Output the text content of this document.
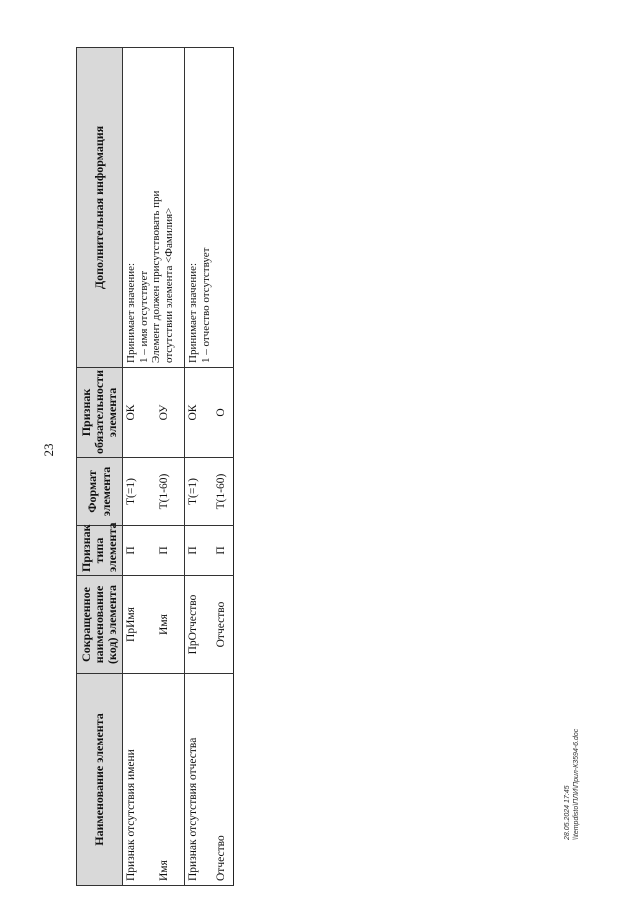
23
Наименование элемента	Сокращенное наименование (код) элемента	Признак типа элемента	Формат элемента	Признак обязательности элемента	Дополнительная информация
Признак отсутствия имени	ПрИмя	П	T(=1)	ОК	Принимает значение: 1 – имя отсутствует Элемент должен присутствовать при отсутствии элемента <Фамилия>

Имя	Имя	П	T(1-60)	ОУ	
Признак отсутствия отчества	ПрОтчество	П	T(=1)	ОК	Принимает значение: 1 – отчество отсутствует

Отчество	Отчество	П	T(1-60)	О	
28.05.2024 17:45 \\tempdisto\ПЛИ\Прил-К3594-6.doc
